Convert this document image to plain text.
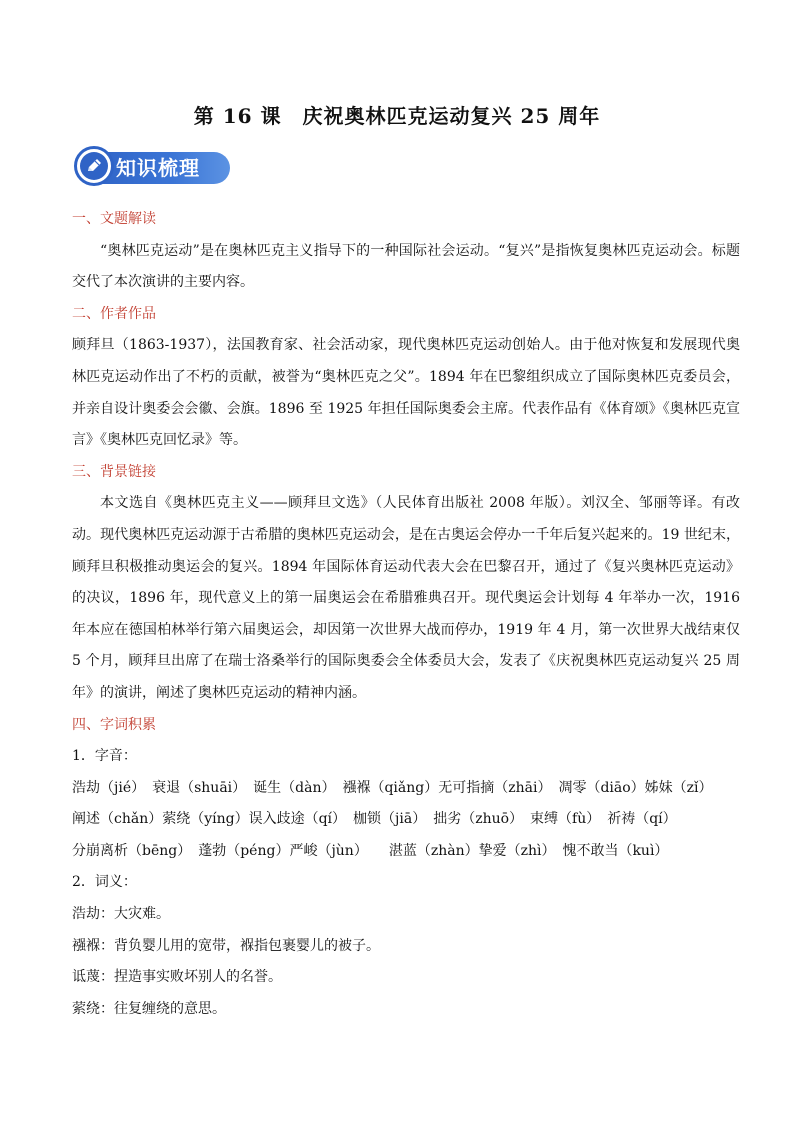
第 16 课　庆祝奥林匹克运动复兴 25 周年
知识梳理

一、文题解读

“奥林匹克运动”是在奥林匹克主义指导下的一种国际社会运动。“复兴”是指恢复奥林匹克运动会。标题交代了本次演讲的主要内容。

二、作者作品

顾拜旦（1863-1937），法国教育家、社会活动家，现代奥林匹克运动创始人。由于他对恢复和发展现代奥林匹克运动作出了不朽的贡献，被誉为“奥林匹克之父”。1894 年在巴黎组织成立了国际奥林匹克委员会，并亲自设计奥委会会徽、会旗。1896 至 1925 年担任国际奥委会主席。代表作品有《体育颂》《奥林匹克宣言》《奥林匹克回忆录》等。

三、背景链接

本文选自《奥林匹克主义——顾拜旦文选》（人民体育出版社 2008 年版）。刘汉全、邹丽等译。有改动。现代奥林匹克运动源于古希腊的奥林匹克运动会，是在古奥运会停办一千年后复兴起来的。19 世纪末，顾拜旦积极推动奥运会的复兴。1894 年国际体育运动代表大会在巴黎召开，通过了《复兴奥林匹克运动》的决议，1896 年，现代意义上的第一届奥运会在希腊雅典召开。现代奥运会计划每 4 年举办一次，1916 年本应在德国柏林举行第六届奥运会，却因第一次世界大战而停办，1919 年 4 月，第一次世界大战结束仅 5 个月，顾拜旦出席了在瑞士洛桑举行的国际奥委会全体委员大会，发表了《庆祝奥林匹克运动复兴 25 周年》的演讲，阐述了奥林匹克运动的精神内涵。

四、字词积累

1．字音：

浩劫（jié）　衰退（shuāi）　诞生（dàn）　襁褓（qiǎng）无可指摘（zhāi）　凋零（diāo）姊妹（zǐ）

阐述（chǎn）萦绕（yíng）误入歧途（qí）　枷锁（jiā）　拙劣（zhuō）　束缚（fù）　祈祷（qí）

分崩离析（bēng）　蓬勃（péng）严峻（jùn）　　湛蓝（zhàn）挚爱（zhì）　愧不敢当（kuì）

2．词义：

浩劫：大灾难。

襁褓：背负婴儿用的宽带，褓指包裹婴儿的被子。

诋蔑：捏造事实败坏别人的名誉。

萦绕：往复缠绕的意思。
